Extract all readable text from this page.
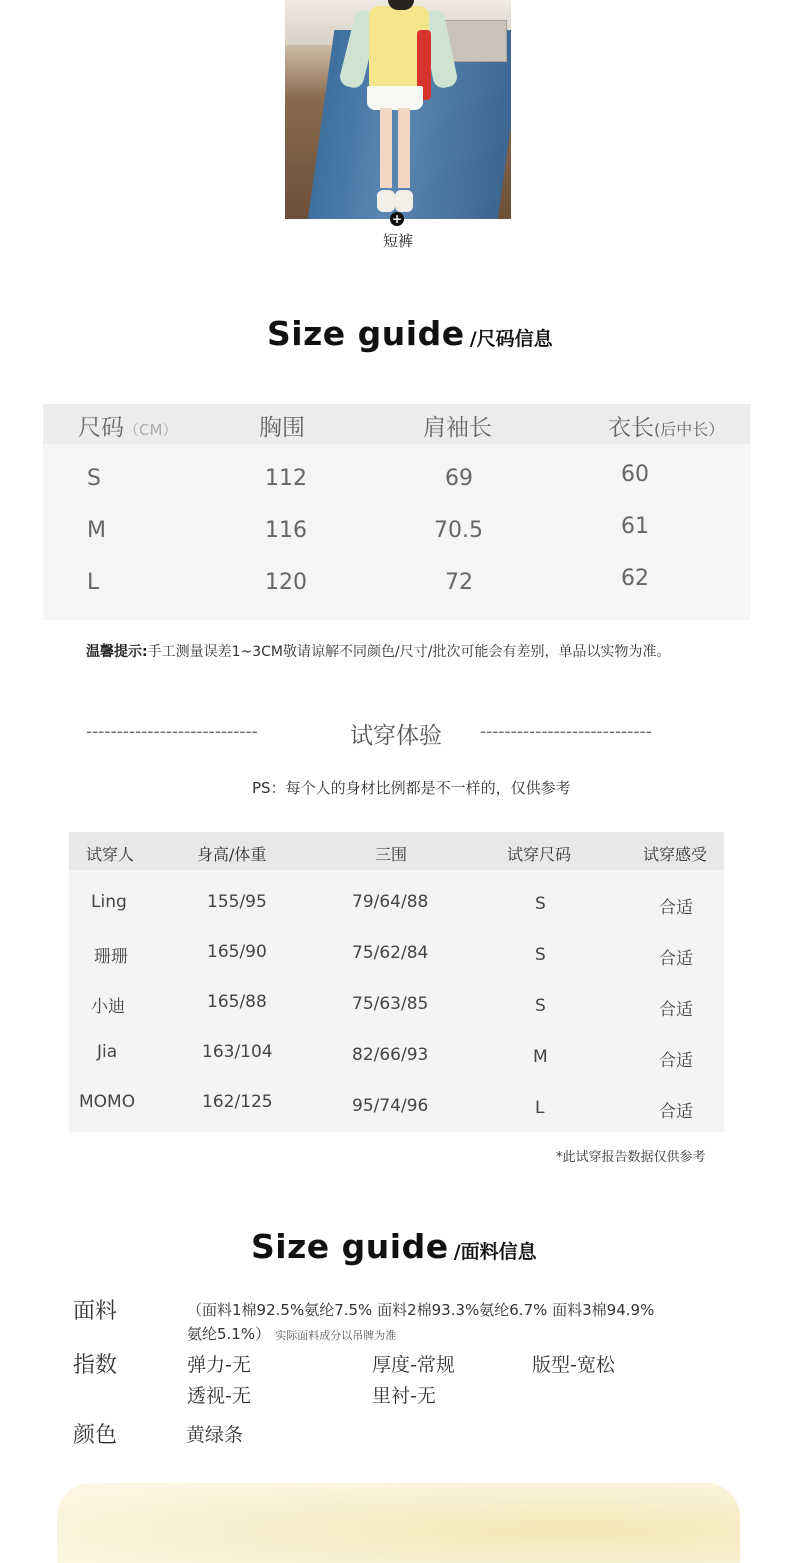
+
短裤
Size guide /尺码信息
尺码（CM）	胸围	肩袖长	衣长(后中长）
S	112	69	60
M	116	70.5	61
L	120	72	62
温馨提示:手工测量误差1~3CM敬请谅解不同颜色/尺寸/批次可能会有差别，单品以实物为准。
----------------------------	试穿体验 ----------------------------
PS：每个人的身材比例都是不一样的，仅供参考
试穿人	身高/体重	三围	试穿尺码	试穿感受
Ling	155/95	79/64/88	S	合适
珊珊	165/90	75/62/84	S	合适
小迪	165/88	75/63/85	S	合适
Jia	163/104	82/66/93	M	合适
MOMO	162/125	95/74/96	L	合适
*此试穿报告数据仅供参考
Size guide /面料信息
面料	（面料1棉92.5%氨纶7.5% 面料2棉93.3%氨纶6.7% 面料3棉94.9%
氨纶5.1%） 实际面料成分以吊牌为准
指数	弹力-无	厚度-常规	版型-宽松
透视-无	里衬-无
颜色	黄绿条
